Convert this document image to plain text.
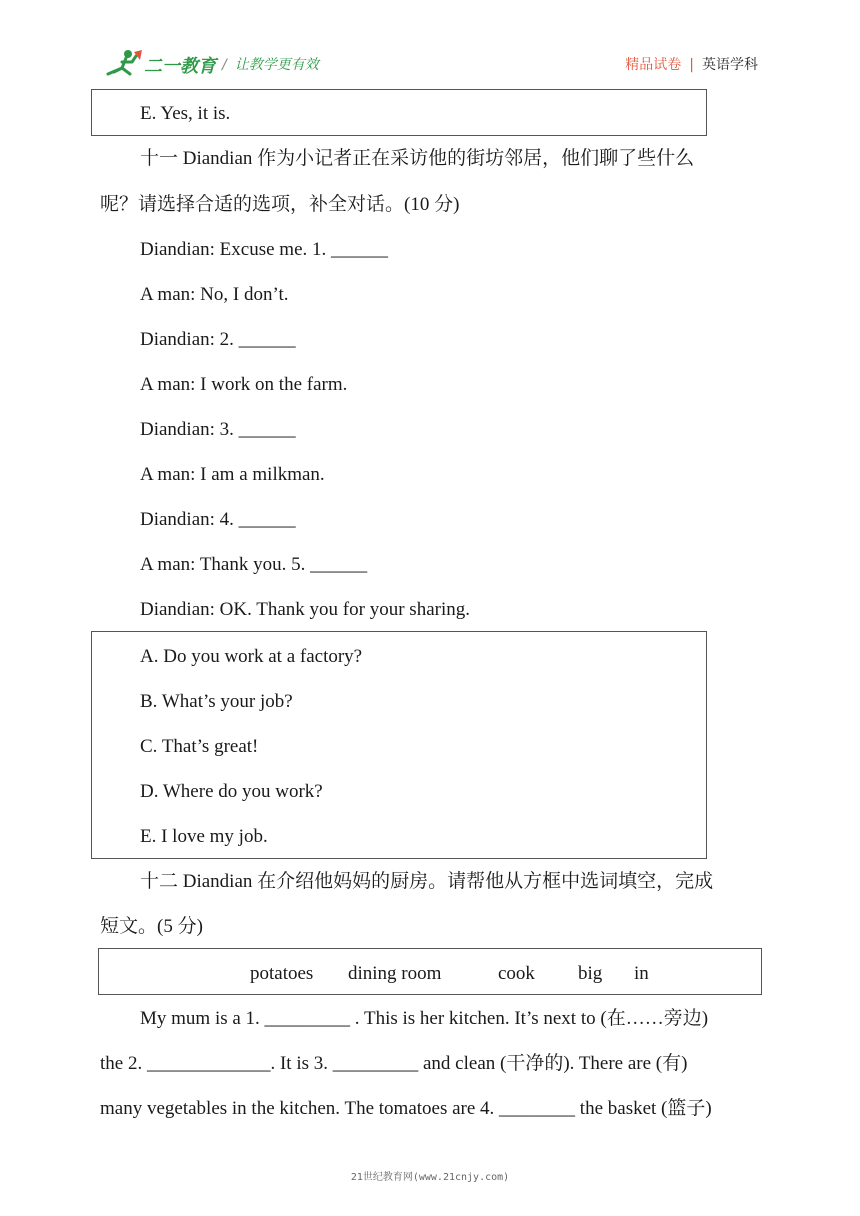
二一教育 / 让教学更有效	精品试卷 | 英语学科
E. Yes, it is.
十一 Diandian 作为小记者正在采访他的街坊邻居，他们聊了些什么
呢？请选择合适的选项，补全对话。(10 分)
Diandian: Excuse me. 1. ______
A man: No, I don’t.
Diandian: 2. ______
A man: I work on the farm.
Diandian: 3. ______
A man: I am a milkman.
Diandian: 4. ______
A man: Thank you. 5. ______
Diandian: OK. Thank you for your sharing.
A. Do you work at a factory?
B. What’s your job?
C. That’s great!
D. Where do you work?
E. I love my job.
十二 Diandian 在介绍他妈妈的厨房。请帮他从方框中选词填空，完成
短文。(5 分)
potatoes dining room	cook big in
My mum is a 1. _________ . This is her kitchen. It’s next to (在……旁边)
the 2. _____________. It is 3. _________ and clean (干净的). There are (有)
many vegetables in the kitchen. The tomatoes are 4. ________ the basket (篮子)
21世纪教育网(www.21cnjy.com)
